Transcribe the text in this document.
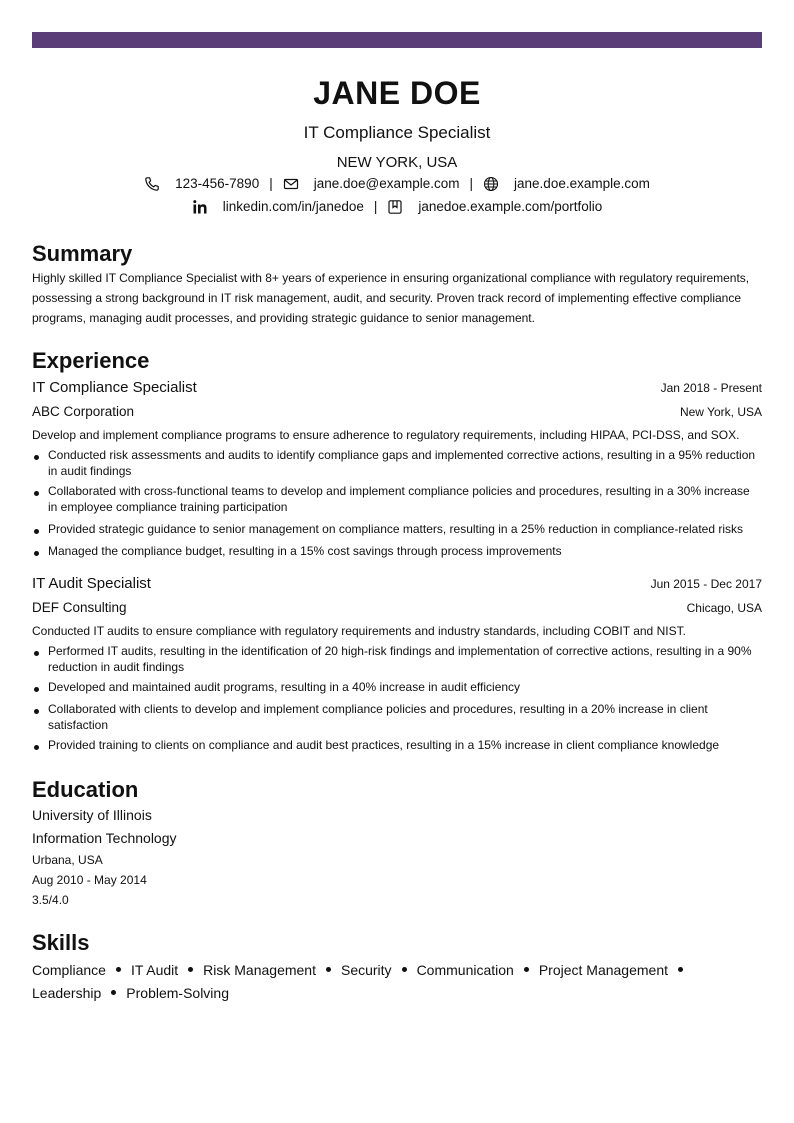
JANE DOE
IT Compliance Specialist
NEW YORK, USA
123-456-7890 |	jane.doe@example.com |	jane.doe.example.com
linkedin.com/in/janedoe |	janedoe.example.com/portfolio
Summary

Highly skilled IT Compliance Specialist with 8+ years of experience in ensuring organizational compliance with regulatory requirements, possessing a strong background in IT risk management, audit, and security. Proven track record of implementing effective compliance programs, managing audit processes, and providing strategic guidance to senior management.

Experience
IT Compliance Specialist	Jan 2018 - Present
ABC Corporation	New York, USA
Develop and implement compliance programs to ensure adherence to regulatory requirements, including HIPAA, PCI-DSS, and SOX.
Conducted risk assessments and audits to identify compliance gaps and implemented corrective actions, resulting in a 95% reduction in audit findings
Collaborated with cross-functional teams to develop and implement compliance policies and procedures, resulting in a 30% increase in employee compliance training participation
Provided strategic guidance to senior management on compliance matters, resulting in a 25% reduction in compliance-related risks
Managed the compliance budget, resulting in a 15% cost savings through process improvements
IT Audit Specialist	Jun 2015 - Dec 2017
DEF Consulting	Chicago, USA
Conducted IT audits to ensure compliance with regulatory requirements and industry standards, including COBIT and NIST.
Performed IT audits, resulting in the identification of 20 high-risk findings and implementation of corrective actions, resulting in a 90% reduction in audit findings
Developed and maintained audit programs, resulting in a 40% increase in audit efficiency
Collaborated with clients to develop and implement compliance policies and procedures, resulting in a 20% increase in client satisfaction
Provided training to clients on compliance and audit best practices, resulting in a 15% increase in client compliance knowledge
Education
University of Illinois
Information Technology
Urbana, USA
Aug 2010 - May 2014
3.5/4.0
Skills
Compliance IT Audit Risk Management Security Communication Project Management
Leadership Problem-Solving
